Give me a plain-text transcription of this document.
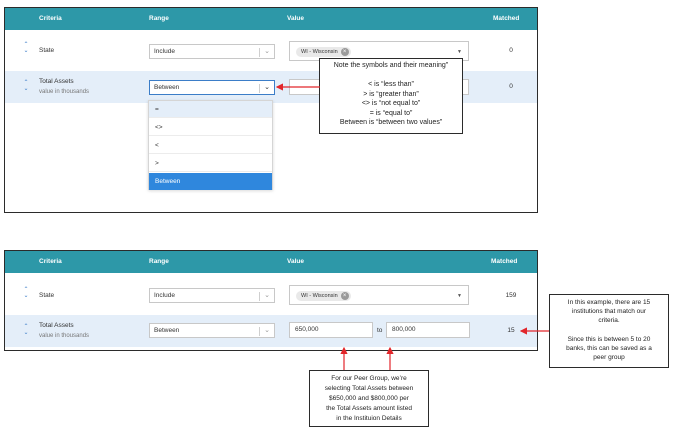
Criteria	Range	Value	Matched
⌃
⌄ State	Include	⌄	WI - Wisconsin ×	▼	0
⌃
⌄
Total Assets
value in thousands
Between	⌄	0
=
<>
<
>
Between

Note the symbols and their meaning"

< is “less than”

> is “greater than”

<> is “not equal to”

= is “equal to”

Between is “between two values”

Criteria	Range	Value	Matched
⌃
⌄ State	Include	⌄	WI - Wisconsin ×	▼	159
⌃
⌄
Total Assets
value in thousands
Between	⌄	650,000	to	800,000	15

In this example, there are 15

institutions that match our

criteria.

Since this is between 5 to 20

banks, this can be saved as a

peer group

For our Peer Group, we’re

selecting Total Assets between

$650,000 and $800,000 per

the Total Assets amount listed

in the Instituion Details
